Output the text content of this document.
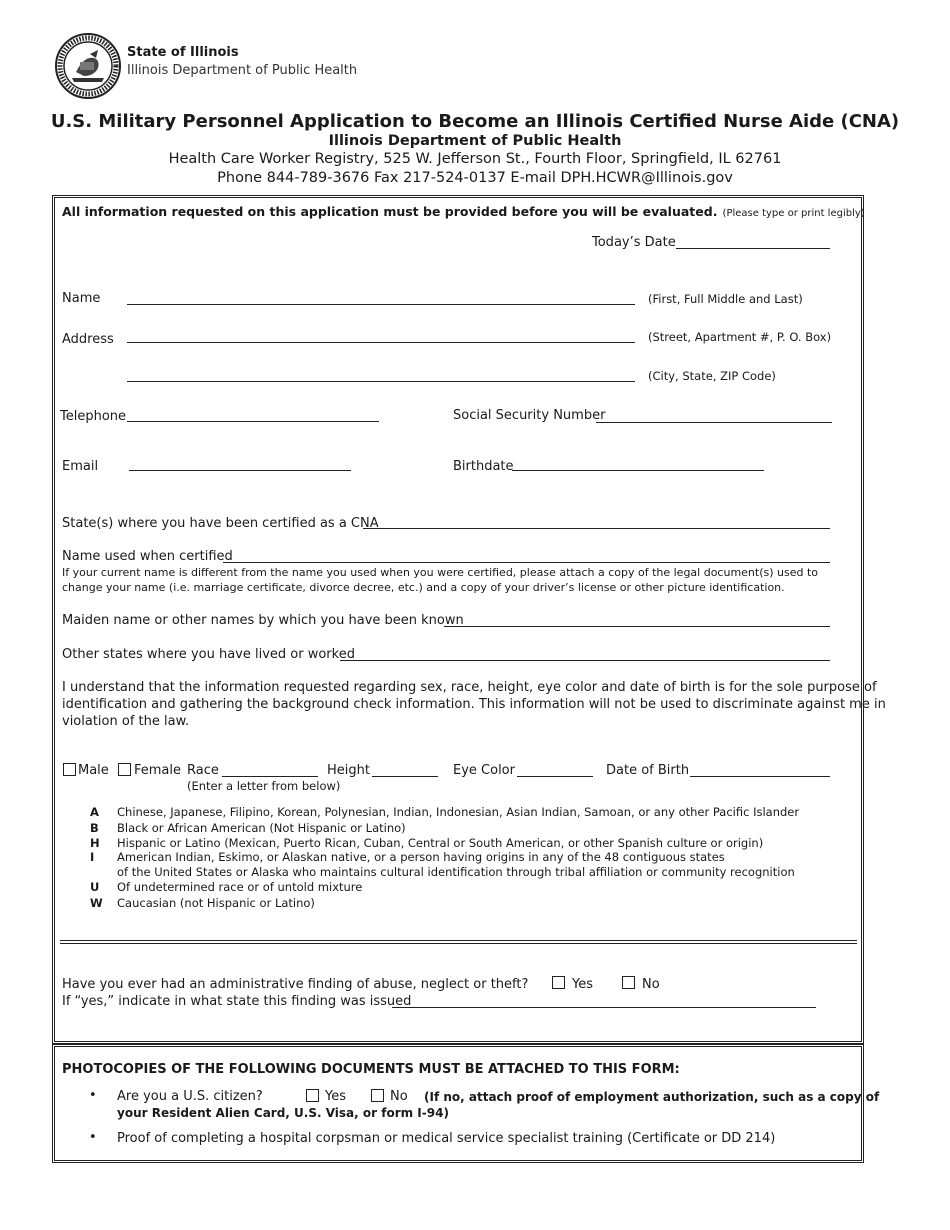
State of Illinois
Illinois Department of Public Health
U.S. Military Personnel Application to Become an Illinois Certified Nurse Aide (CNA)
Illinois Department of Public Health
Health Care Worker Registry, 525 W. Jefferson St., Fourth Floor, Springfield, IL 62761
Phone 844-789-3676 Fax 217-524-0137 E-mail DPH.HCWR@Illinois.gov
All information requested on this application must be provided before you will be evaluated. (Please type or print legibly)
Today’s Date
Name	(First, Full Middle and Last)
Address	(Street, Apartment #, P. O. Box)
(City, State, ZIP Code)
Telephone	Social Security Number
Email	Birthdate
State(s) where you have been certified as a CNA
Name used when certified
If your current name is different from the name you used when you were certified, please attach a copy of the legal document(s) used to
change your name (i.e. marriage certificate, divorce decree, etc.) and a copy of your driver’s license or other picture identification.
Maiden name or other names by which you have been known
Other states where you have lived or worked
I understand that the information requested regarding sex, race, height, eye color and date of birth is for the sole purpose of
identification and gathering the background check information. This information will not be used to discriminate against me in
violation of the law.
Male Female Race
(Enter a letter from below)
Height	Eye Color	Date of Birth
A Chinese, Japanese, Filipino, Korean, Polynesian, Indian, Indonesian, Asian Indian, Samoan, or any other Pacific Islander
B Black or African American (Not Hispanic or Latino)
H Hispanic or Latino (Mexican, Puerto Rican, Cuban, Central or South American, or other Spanish culture or origin)
I American Indian, Eskimo, or Alaskan native, or a person having origins in any of the 48 contiguous states
of the United States or Alaska who maintains cultural identification through tribal affiliation or community recognition
U Of undetermined race or of untold mixture
W Caucasian (not Hispanic or Latino)
Have you ever had an administrative finding of abuse, neglect or theft?	Yes	No
If “yes,” indicate in what state this finding was issued
PHOTOCOPIES OF THE FOLLOWING DOCUMENTS MUST BE ATTACHED TO THIS FORM:
• Are you a U.S. citizen?	Yes	No (If no, attach proof of employment authorization, such as a copy of
your Resident Alien Card, U.S. Visa, or form I-94)
• Proof of completing a hospital corpsman or medical service specialist training (Certificate or DD 214)
